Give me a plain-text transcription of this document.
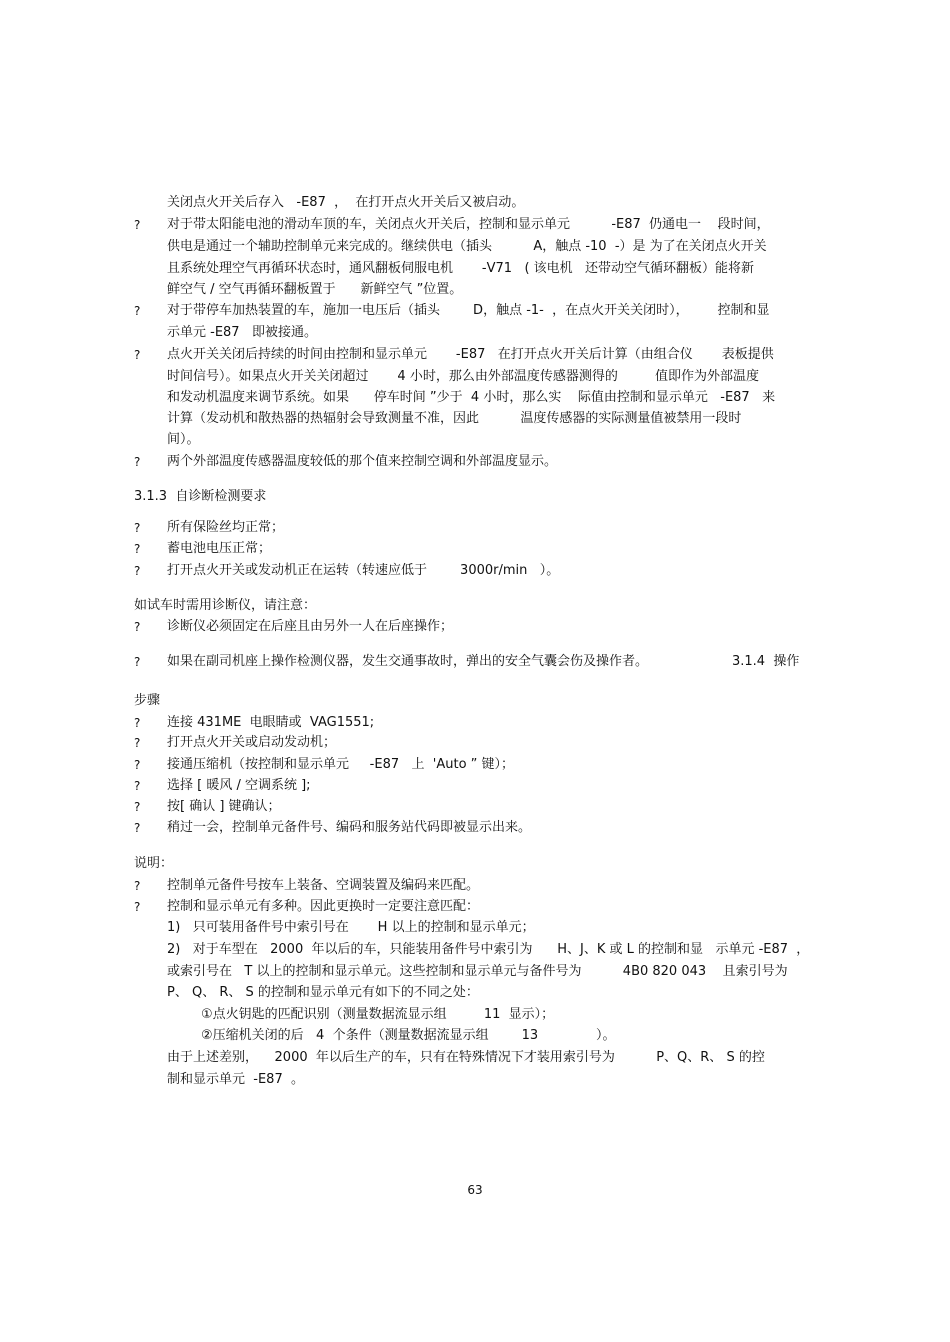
关闭点火开关后存入   -E87  ，  在打开点火开关后又被启动。
? 对于带太阳能电池的滑动车顶的车，关闭点火开关后，控制和显示单元          -E87  仍通电一    段时间，
供电是通过一个辅助控制单元来完成的。继续供电（插头          A，触点 -10  -）是 为了在关闭点火开关
且系统处理空气再循环状态时，通风翻板伺服电机       -V71   ( 该电机   还带动空气循环翻板）能将新
鲜空气 / 空气再循环翻板置于      新鲜空气 ”位置。
? 对于带停车加热装置的车，施加一电压后（插头        D，触点 -1-  ，在点火开关关闭时），       控制和显
示单元 -E87   即被接通。
? 点火开关关闭后持续的时间由控制和显示单元       -E87   在打开点火开关后计算（由组合仪       表板提供
时间信号）。如果点火开关关闭超过       4 小时，那么由外部温度传感器测得的         值即作为外部温度
和发动机温度来调节系统。如果      停车时间 ”少于  4 小时，那么实    际值由控制和显示单元   -E87   来
计算（发动机和散热器的热辐射会导致测量不准，因此          温度传感器的实际测量值被禁用一段时
间）。
? 两个外部温度传感器温度较低的那个值来控制空调和外部温度显示。
3.1.3  自诊断检测要求
? 所有保险丝均正常；
? 蓄电池电压正常；
? 打开点火开关或发动机正在运转（转速应低于        3000r/min   ）。
如试车时需用诊断仪，请注意：
? 诊断仪必须固定在后座且由另外一人在后座操作；
? 如果在副司机座上操作检测仪器，发生交通事故时，弹出的安全气囊会伤及操作者。	3.1.4  操作
步骤
? 连接 431ME  电眼睛或  VAG1551;
? 打开点火开关或启动发动机；
? 接通压缩机（按控制和显示单元     -E87   上  'Auto ” 键）；
? 选择 [ 暖风 / 空调系统 ];
? 按[ 确认 ] 键确认；
? 稍过一会，控制单元备件号、编码和服务站代码即被显示出来。
说明：
? 控制单元备件号按车上装备、空调装置及编码来匹配。
? 控制和显示单元有多种。因此更换时一定要注意匹配：
1)   只可装用备件号中索引号在       H 以上的控制和显示单元；
2)   对于车型在   2000  年以后的车，只能装用备件号中索引为      H、J、K 或 L 的控制和显   示单元 -E87  ，
或索引号在   T 以上的控制和显示单元。这些控制和显示单元与备件号为          4B0 820 043    且索引号为
P、 Q、 R、 S 的控制和显示单元有如下的不同之处：
①点火钥匙的匹配识别（测量数据流显示组         11  显示）；
②压缩机关闭的后   4  个条件（测量数据流显示组        13              ）。
由于上述差别，    2000  年以后生产的车，只有在特殊情况下才装用索引号为          P、Q、R、 S 的控
制和显示单元  -E87  。
63
